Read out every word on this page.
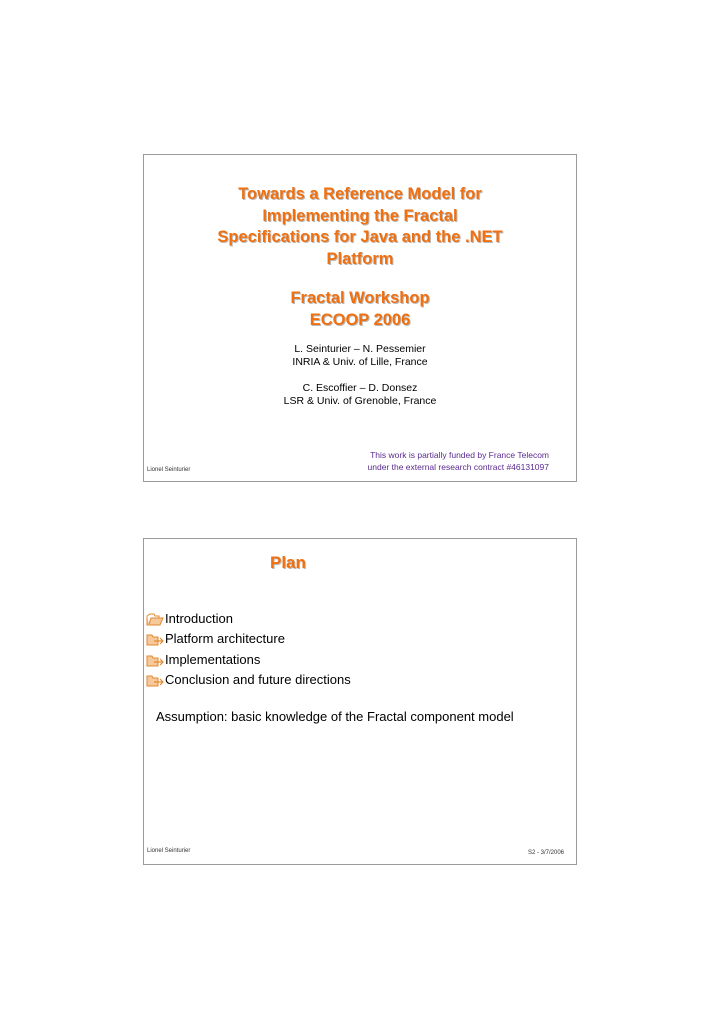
Towards a Reference Model for
Implementing the Fractal
Specifications for Java and the .NET
Platform
Fractal Workshop
ECOOP 2006
L. Seinturier – N. Pessemier
INRIA & Univ. of Lille, France
C. Escoffier – D. Donsez
LSR & Univ. of Grenoble, France
This work is partially funded by France Telecom
under the external research contract #46131097
Lionel Seinturier
Plan
Introduction
Platform architecture
Implementations
Conclusion and future directions
Assumption: basic knowledge of the Fractal component model
Lionel Seinturier	S2 - 3/7/2006
